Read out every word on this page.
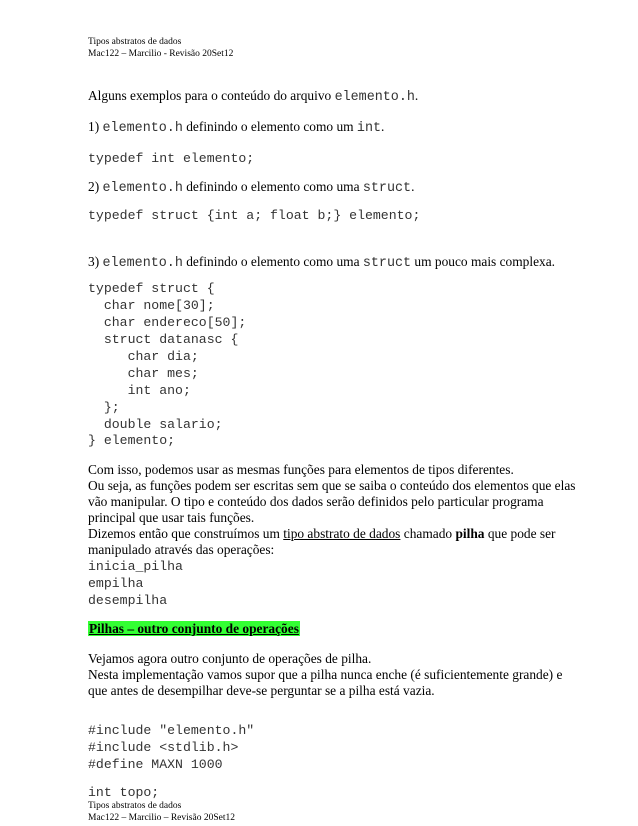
Tipos abstratos de dados
Mac122 – Marcilio - Revisão 20Set12
Alguns exemplos para o conteúdo do arquivo elemento.h.
1) elemento.h definindo o elemento como um int.
typedef int elemento;
2) elemento.h definindo o elemento como uma struct.
typedef struct {int a; float b;} elemento;
3) elemento.h definindo o elemento como uma struct um pouco mais complexa.
typedef struct {
char nome[30];
char endereco[50];
struct datanasc {
char dia;
char mes;
int ano;
};
double salario;
} elemento;
Com isso, podemos usar as mesmas funções para elementos de tipos diferentes.
Ou seja, as funções podem ser escritas sem que se saiba o conteúdo dos elementos que elas
vão manipular. O tipo e conteúdo dos dados serão definidos pelo particular programa
principal que usar tais funções.
Dizemos então que construímos um tipo abstrato de dados chamado pilha que pode ser
manipulado através das operações:
inicia_pilha
empilha
desempilha
Pilhas – outro conjunto de operações
Vejamos agora outro conjunto de operações de pilha.
Nesta implementação vamos supor que a pilha nunca enche (é suficientemente grande) e
que antes de desempilhar deve-se perguntar se a pilha está vazia.
#include "elemento.h"
#include <stdlib.h>
#define MAXN 1000
int topo;
Tipos abstratos de dados
Mac122 – Marcilio – Revisão 20Set12
